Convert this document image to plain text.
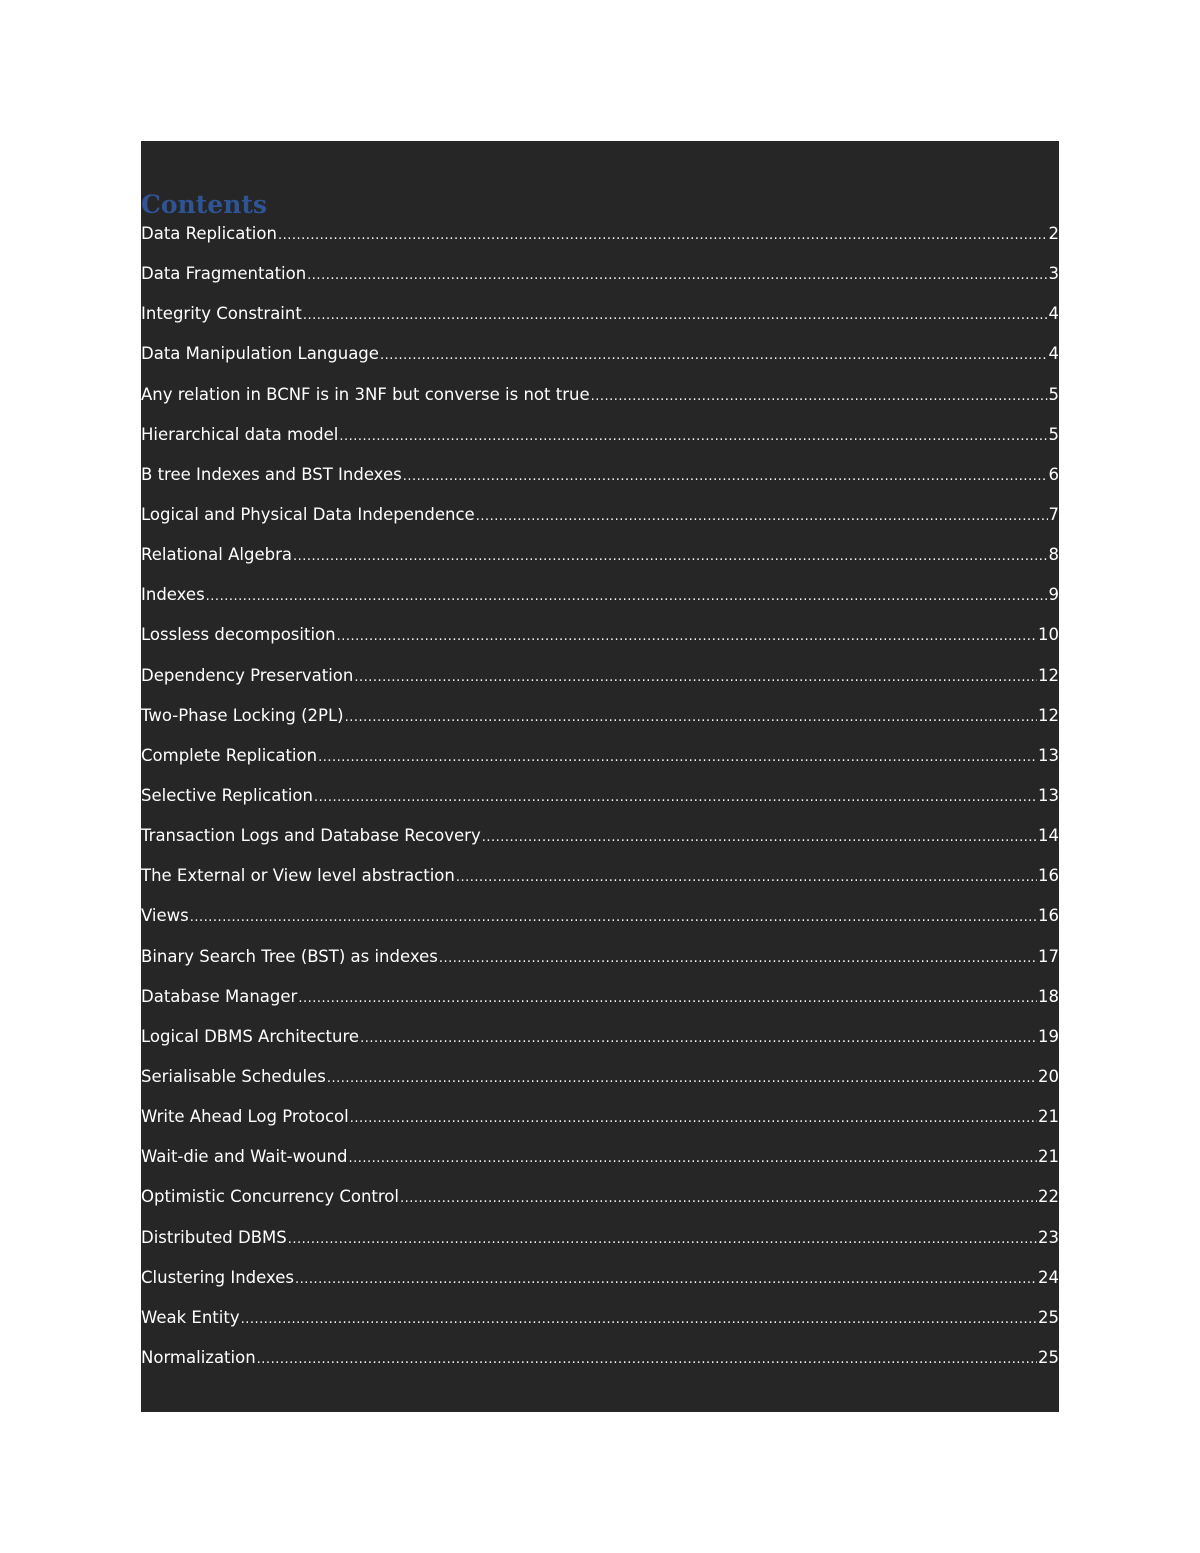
Contents
Data Replication .....	2
Data Fragmentation .....	3
Integrity Constraint .....	4
Data Manipulation Language .....	4
Any relation in BCNF is in 3NF but converse is not true .....	5
Hierarchical data model .....	5
B tree Indexes and BST Indexes .....	6
Logical and Physical Data Independence .....	7
Relational Algebra .....	8
Indexes .....	9
Lossless decomposition .....	10
Dependency Preservation .....	12
Two-Phase Locking (2PL) .....	12
Complete Replication .....	13
Selective Replication .....	13
Transaction Logs and Database Recovery .....	14
The External or View level abstraction .....	16
Views .....	16
Binary Search Tree (BST) as indexes .....	17
Database Manager .....	18
Logical DBMS Architecture .....	19
Serialisable Schedules .....	20
Write Ahead Log Protocol .....	21
Wait-die and Wait-wound .....	21
Optimistic Concurrency Control .....	22
Distributed DBMS .....	23
Clustering Indexes .....	24
Weak Entity .....	25
Normalization .....	25
